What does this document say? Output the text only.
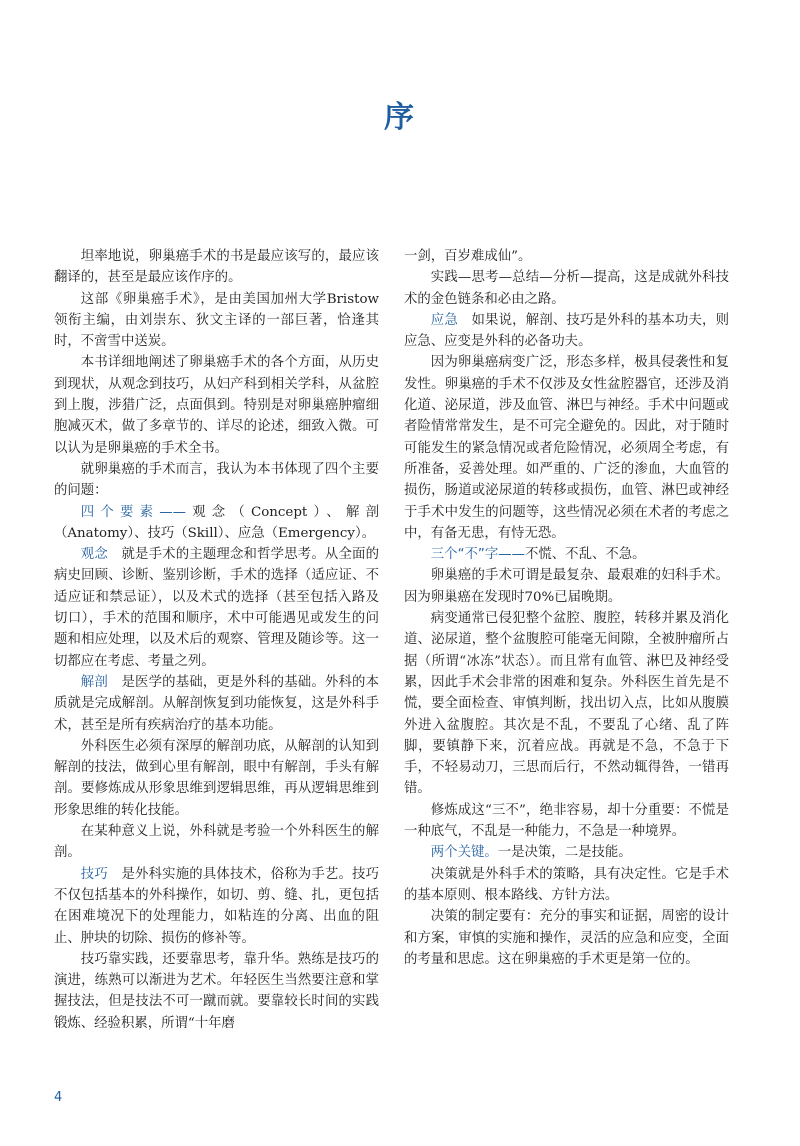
序

坦率地说，卵巢癌手术的书是最应该写的，最应该翻译的，甚至是最应该作序的。

这部《卵巢癌手术》，是由美国加州大学Bristow领衔主编，由刘崇东、狄文主译的一部巨著，恰逢其时，不啻雪中送炭。

本书详细地阐述了卵巢癌手术的各个方面，从历史到现状，从观念到技巧，从妇产科到相关学科，从盆腔到上腹，涉猎广泛，点面俱到。特别是对卵巢癌肿瘤细胞减灭术，做了多章节的、详尽的论述，细致入微。可以认为是卵巢癌的手术全书。

就卵巢癌的手术而言，我认为本书体现了四个主要的问题：

四个要素——观念（Concept）、解剖（Anatomy）、技巧（Skill）、应急（Emergency）。

观念　就是手术的主题理念和哲学思考。从全面的病史回顾、诊断、鉴别诊断，手术的选择（适应证、不适应证和禁忌证），以及术式的选择（甚至包括入路及切口），手术的范围和顺序，术中可能遇见或发生的问题和相应处理，以及术后的观察、管理及随诊等。这一切都应在考虑、考量之列。

解剖　是医学的基础，更是外科的基础。外科的本质就是完成解剖。从解剖恢复到功能恢复，这是外科手术，甚至是所有疾病治疗的基本功能。

外科医生必须有深厚的解剖功底，从解剖的认知到解剖的技法，做到心里有解剖，眼中有解剖，手头有解剖。要修炼成从形象思维到逻辑思维，再从逻辑思维到形象思维的转化技能。

在某种意义上说，外科就是考验一个外科医生的解剖。

技巧　是外科实施的具体技术，俗称为手艺。技巧不仅包括基本的外科操作，如切、剪、缝、扎，更包括在困难境况下的处理能力，如粘连的分离、出血的阻止、肿块的切除、损伤的修补等。

技巧靠实践，还要靠思考，靠升华。熟练是技巧的演进，练熟可以渐进为艺术。年轻医生当然要注意和掌握技法，但是技法不可一蹴而就。要靠较长时间的实践锻炼、经验积累，所谓“十年磨

一剑，百岁难成仙”。

实践—思考—总结—分析—提高，这是成就外科技术的金色链条和必由之路。

应急　如果说，解剖、技巧是外科的基本功夫，则应急、应变是外科的必备功夫。

因为卵巢癌病变广泛，形态多样，极具侵袭性和复发性。卵巢癌的手术不仅涉及女性盆腔器官，还涉及消化道、泌尿道，涉及血管、淋巴与神经。手术中问题或者险情常常发生，是不可完全避免的。因此，对于随时可能发生的紧急情况或者危险情况，必须周全考虑，有所准备，妥善处理。如严重的、广泛的渗血，大血管的损伤，肠道或泌尿道的转移或损伤，血管、淋巴或神经于手术中发生的问题等，这些情况必须在术者的考虑之中，有备无患，有恃无恐。

三个“不”字——不慌、不乱、不急。

卵巢癌的手术可谓是最复杂、最艰难的妇科手术。因为卵巢癌在发现时70%已届晚期。

病变通常已侵犯整个盆腔、腹腔，转移并累及消化道、泌尿道，整个盆腹腔可能毫无间隙，全被肿瘤所占据（所谓“冰冻”状态）。而且常有血管、淋巴及神经受累，因此手术会非常的困难和复杂。外科医生首先是不慌，要全面检查、审慎判断，找出切入点，比如从腹膜外进入盆腹腔。其次是不乱，不要乱了心绪、乱了阵脚，要镇静下来，沉着应战。再就是不急，不急于下手，不轻易动刀，三思而后行，不然动辄得咎，一错再错。

修炼成这“三不”，绝非容易，却十分重要：不慌是一种底气，不乱是一种能力，不急是一种境界。

两个关键。一是决策，二是技能。

决策就是外科手术的策略，具有决定性。它是手术的基本原则、根本路线、方针方法。

决策的制定要有：充分的事实和证据，周密的设计和方案，审慎的实施和操作，灵活的应急和应变，全面的考量和思虑。这在卵巢癌的手术更是第一位的。

4
